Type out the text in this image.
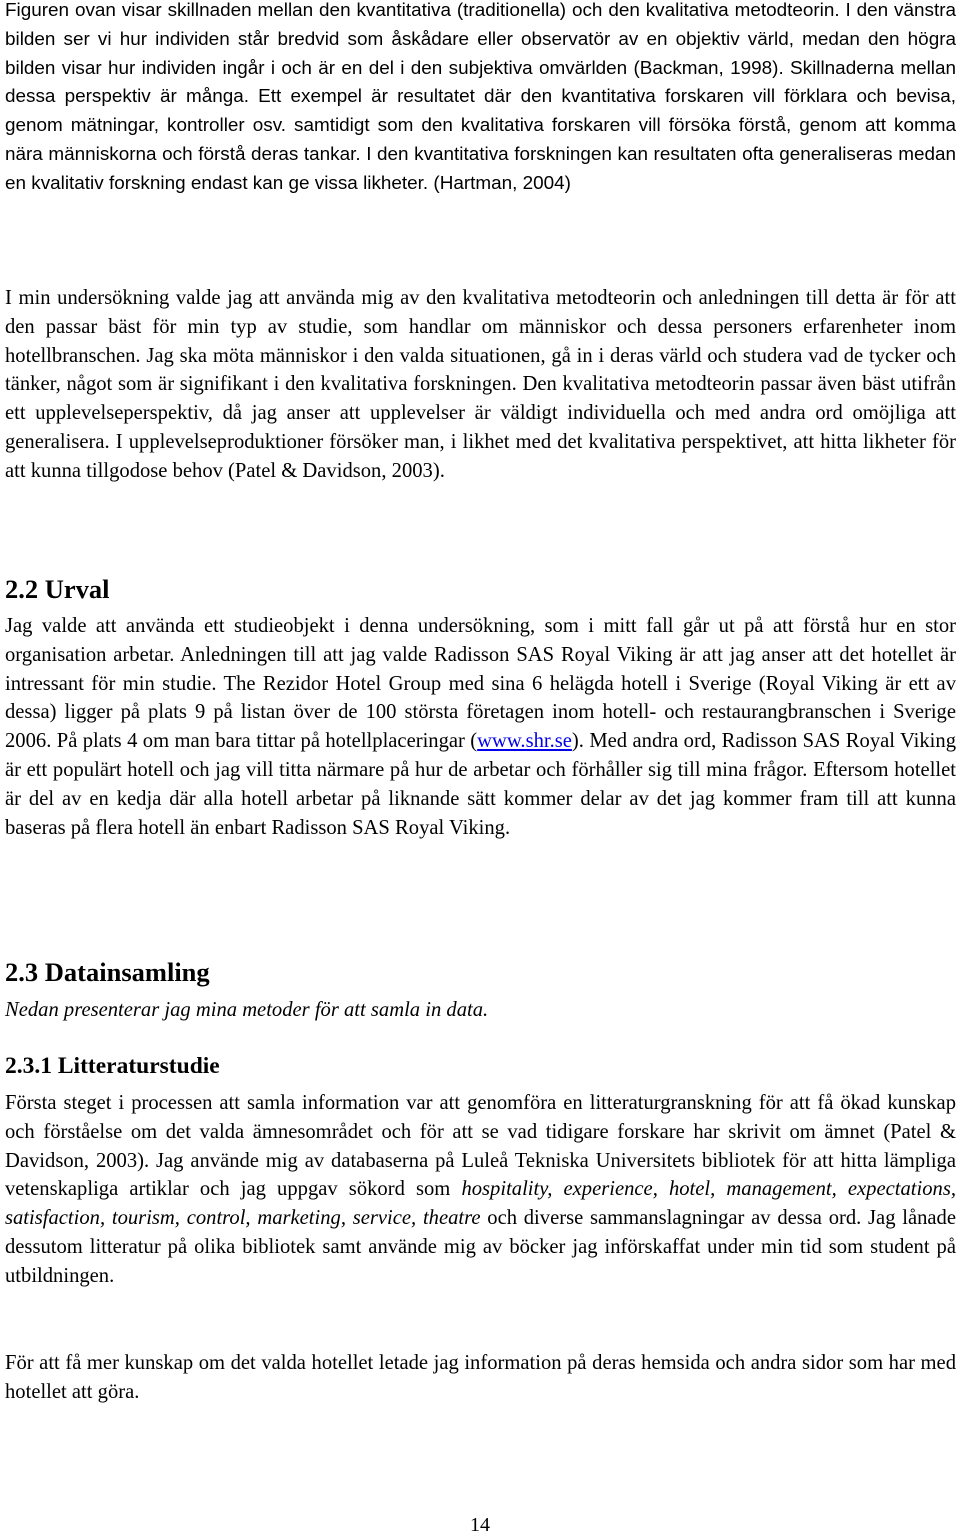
Figuren ovan visar skillnaden mellan den kvantitativa (traditionella) och den kvalitativa metodteorin. I den vänstra bilden ser vi hur individen står bredvid som åskådare eller observatör av en objektiv värld, medan den högra bilden visar hur individen ingår i och är en del i den subjektiva omvärlden (Backman, 1998). Skillnaderna mellan dessa perspektiv är många. Ett exempel är resultatet där den kvantitativa forskaren vill förklara och bevisa, genom mätningar, kontroller osv. samtidigt som den kvalitativa forskaren vill försöka förstå, genom att komma nära människorna och förstå deras tankar. I den kvantitativa forskningen kan resultaten ofta generaliseras medan en kvalitativ forskning endast kan ge vissa likheter. (Hartman, 2004)

I min undersökning valde jag att använda mig av den kvalitativa metodteorin och anledningen till detta är för att den passar bäst för min typ av studie, som handlar om människor och dessa personers erfarenheter inom hotellbranschen. Jag ska möta människor i den valda situationen, gå in i deras värld och studera vad de tycker och tänker, något som är signifikant i den kvalitativa forskningen. Den kvalitativa metodteorin passar även bäst utifrån ett upplevelseperspektiv, då jag anser att upplevelser är väldigt individuella och med andra ord omöjliga att generalisera. I upplevelseproduktioner försöker man, i likhet med det kvalitativa perspektivet, att hitta likheter för att kunna tillgodose behov (Patel & Davidson, 2003).

2.2 Urval

Jag valde att använda ett studieobjekt i denna undersökning, som i mitt fall går ut på att förstå hur en stor organisation arbetar. Anledningen till att jag valde Radisson SAS Royal Viking är att jag anser att det hotellet är intressant för min studie. The Rezidor Hotel Group med sina 6 helägda hotell i Sverige (Royal Viking är ett av dessa) ligger på plats 9 på listan över de 100 största företagen inom hotell- och restaurangbranschen i Sverige 2006. På plats 4 om man bara tittar på hotellplaceringar (www.shr.se). Med andra ord, Radisson SAS Royal Viking är ett populärt hotell och jag vill titta närmare på hur de arbetar och förhåller sig till mina frågor. Eftersom hotellet är del av en kedja där alla hotell arbetar på liknande sätt kommer delar av det jag kommer fram till att kunna baseras på flera hotell än enbart Radisson SAS Royal Viking.

2.3 Datainsamling

Nedan presenterar jag mina metoder för att samla in data.

2.3.1 Litteraturstudie

Första steget i processen att samla information var att genomföra en litteraturgranskning för att få ökad kunskap och förståelse om det valda ämnesområdet och för att se vad tidigare forskare har skrivit om ämnet (Patel & Davidson, 2003). Jag använde mig av databaserna på Luleå Tekniska Universitets bibliotek för att hitta lämpliga vetenskapliga artiklar och jag uppgav sökord som hospitality, experience, hotel, management, expectations, satisfaction, tourism, control, marketing, service, theatre och diverse sammanslagningar av dessa ord. Jag lånade dessutom litteratur på olika bibliotek samt använde mig av böcker jag införskaffat under min tid som student på utbildningen.

För att få mer kunskap om det valda hotellet letade jag information på deras hemsida och andra sidor som har med hotellet att göra.

14
